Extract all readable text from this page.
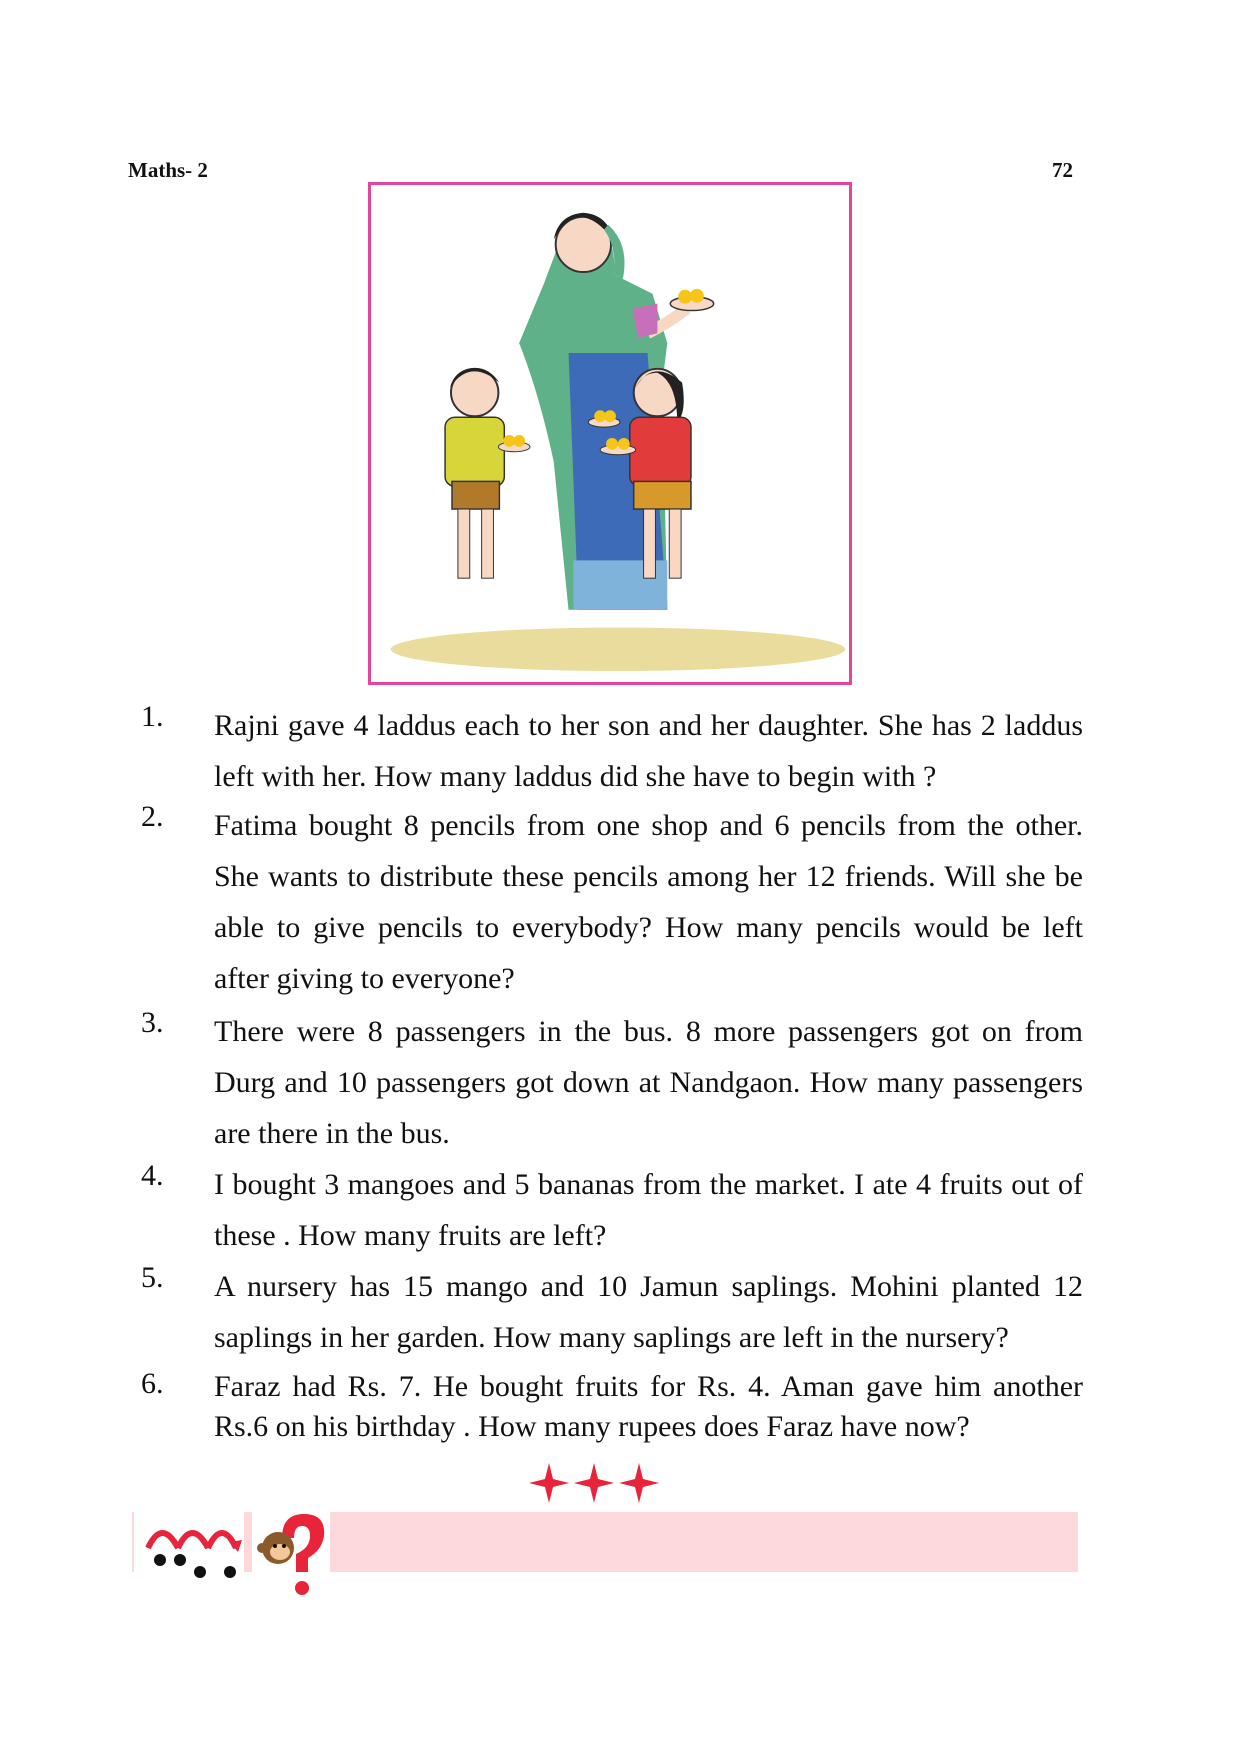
Maths- 2	72
1. Rajni gave 4 laddus each to her son and her daughter. She has 2 laddus left with her. How many laddus did she have to begin with ?
2. Fatima bought 8 pencils from one shop and 6 pencils from the other. She wants to distribute these pencils among her 12 friends. Will she be able to give pencils to everybody? How many pencils would be left after giving to everyone?
3. There were 8 passengers in the bus. 8 more passengers got on from Durg and 10 passengers got down at Nandgaon. How many passengers are there in the bus.
4. I bought 3 mangoes and 5 bananas from the market. I ate 4 fruits out of these . How many fruits are left?
5. A nursery has 15 mango and 10 Jamun saplings. Mohini planted 12 saplings in her garden. How many saplings are left in the nursery?
6. Faraz had Rs. 7. He bought fruits for Rs. 4. Aman gave him another Rs.6 on his birthday . How many rupees does Faraz have now?
